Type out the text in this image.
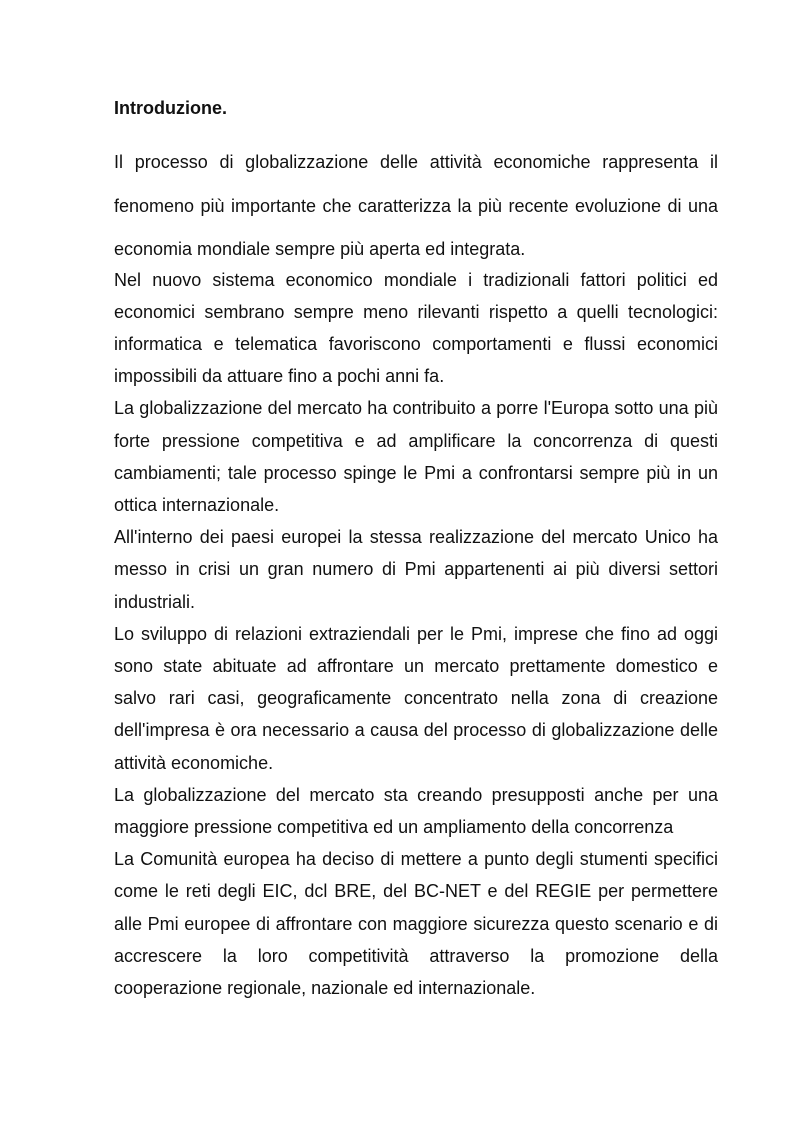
Introduzione.

Il processo di globalizzazione delle attività economiche rappresenta il fenomeno più importante che caratterizza la più recente evoluzione di una economia mondiale sempre più aperta ed integrata.

Nel nuovo sistema economico mondiale i tradizionali fattori politici ed economici sembrano sempre meno rilevanti rispetto a quelli tecnologici: informatica e telematica favoriscono comportamenti e flussi economici impossibili da attuare fino a pochi anni fa.

La globalizzazione del mercato ha contribuito a porre l'Europa sotto una più forte pressione competitiva e ad amplificare la concorrenza di questi cambiamenti; tale processo spinge le Pmi a confrontarsi sempre più in un ottica internazionale.

All'interno dei paesi europei la stessa realizzazione del mercato Unico ha messo in crisi un gran numero di Pmi appartenenti ai più diversi settori industriali.

Lo sviluppo di relazioni extraziendali per le Pmi, imprese che fino ad oggi sono state abituate ad affrontare un mercato prettamente domestico e salvo rari casi, geograficamente concentrato nella zona di creazione dell'impresa è ora necessario a causa del processo di globalizzazione delle attività economiche.

La globalizzazione del mercato sta creando presupposti anche per una maggiore pressione competitiva ed un ampliamento della concorrenza

La Comunità europea ha deciso di mettere a punto degli stumenti specifici come le reti degli EIC, dcl BRE, del BC-NET e del REGIE per permettere alle Pmi europee di affrontare con maggiore sicurezza questo scenario e di accrescere la loro competitività attraverso la promozione della cooperazione regionale, nazionale ed internazionale.
